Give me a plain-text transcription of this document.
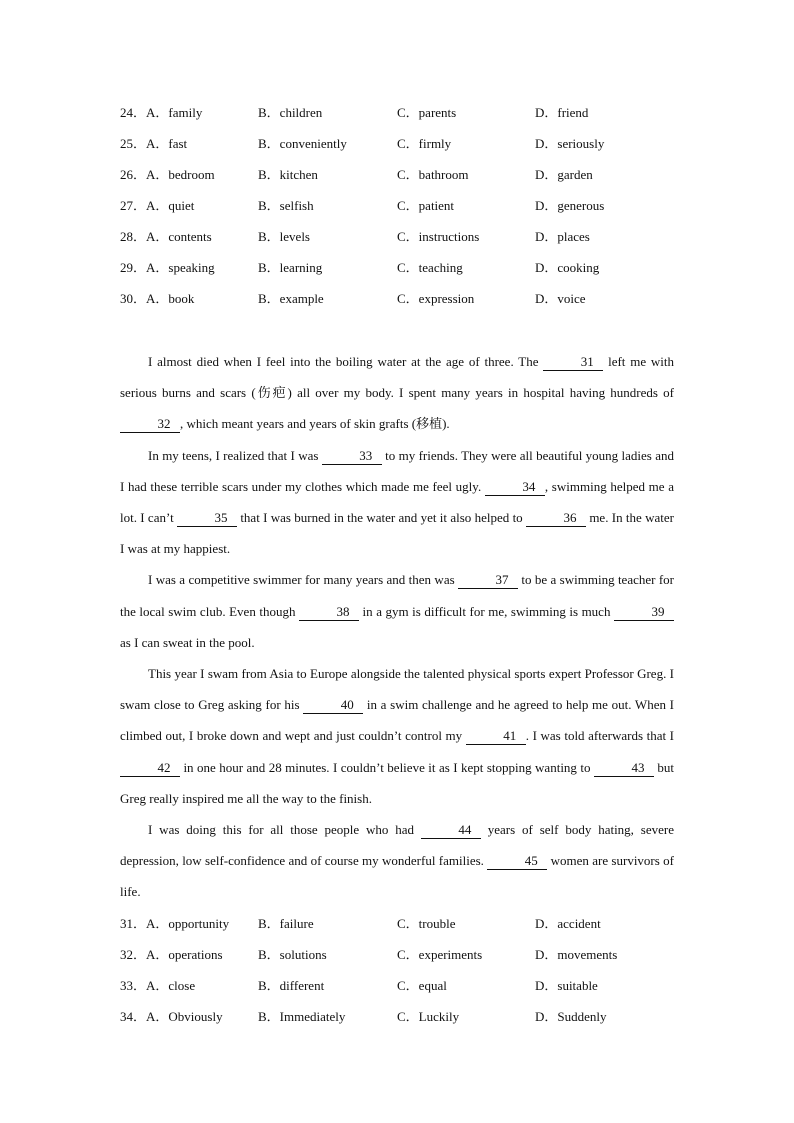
24．A．family	B．children	C．parents	D．friend
25．A．fast	B．conveniently	C．firmly	D．seriously
26．A．bedroom	B．kitchen	C．bathroom	D．garden
27．A．quiet	B．selfish	C．patient	D．generous
28．A．contents	B．levels	C．instructions	D．places
29．A．speaking	B．learning	C．teaching	D．cooking
30．A．book	B．example	C．expression	D．voice

I almost died when I feel into the boiling water at the age of three. The	31 left me with serious burns and scars (伤疤) all over my body. I spent many years in hospital having hundreds of 32 , which meant years and years of skin grafts (移植).

In my teens, I realized that I was	33 to my friends. They were all beautiful young ladies and I had these terrible scars under my clothes which made me feel ugly.	34 , swimming helped me a lot. I can’t	35 that I was burned in the water and yet it also helped to	36 me. In the water I was at my happiest.

I was a competitive swimmer for many years and then was	37 to be a swimming teacher for the local swim club. Even though	38 in a gym is difficult for me, swimming is much	39 as I can sweat in the pool.

This year I swam from Asia to Europe alongside the talented physical sports expert Professor Greg. I swam close to Greg asking for his	40 in a swim challenge and he agreed to help me out. When I climbed out, I broke down and wept and just couldn’t control my	41 . I was told afterwards that I 42 in one hour and 28 minutes. I couldn’t believe it as I kept stopping wanting to	43 but Greg really inspired me all the way to the finish.

I was doing this for all those people who had	44 years of self body hating, severe depression, low self-confidence and of course my wonderful families.	45 women are survivors of life.

31．A．opportunity B．failure	C．trouble	D．accident
32．A．operations	B．solutions	C．experiments	D．movements
33．A．close	B．different	C．equal	D．suitable
34．A．Obviously	B．Immediately	C．Luckily	D．Suddenly
